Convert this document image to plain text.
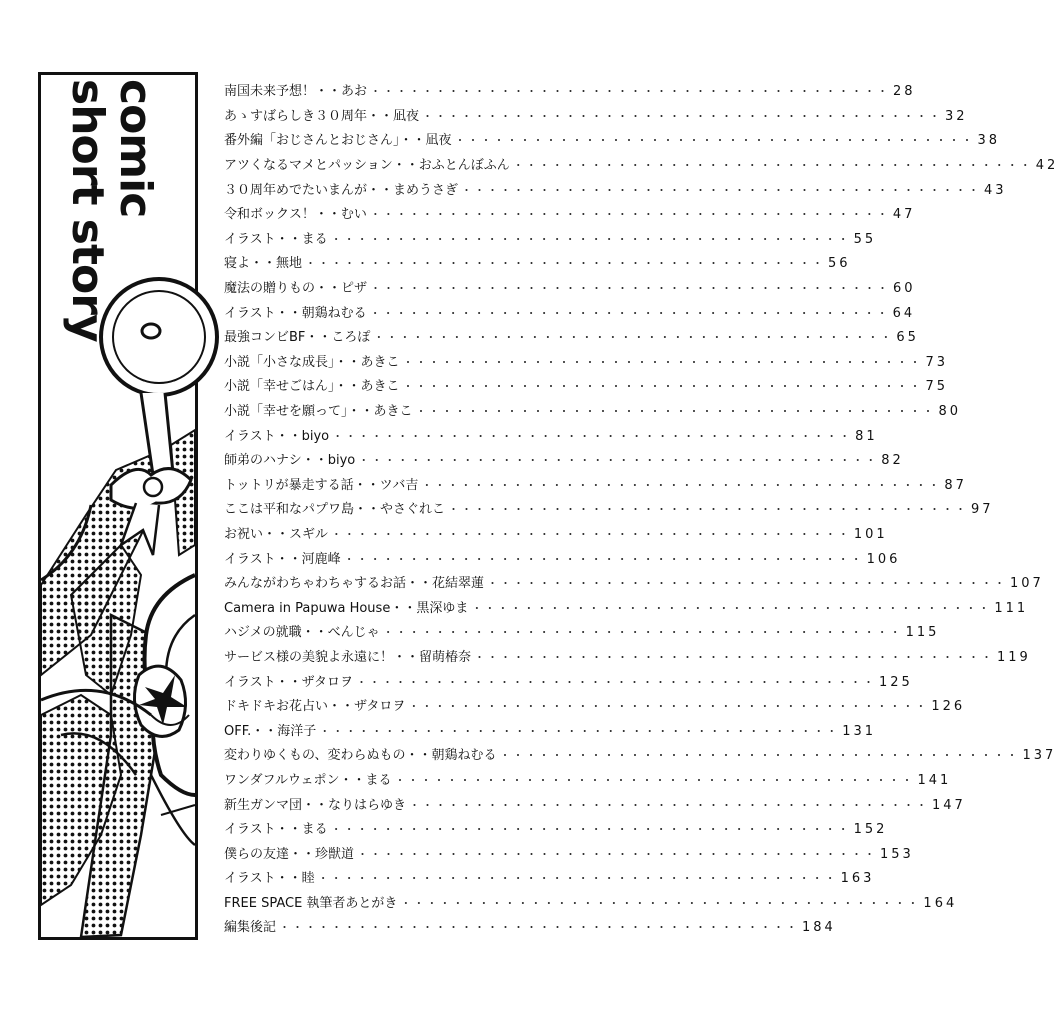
comic
short story	南国未来予想！・・あお ・・・・・・・・・・・・・・・・・・・・・・・・・・・・・・・・・・・・・・・・ 28
あゝすばらしき３０周年・・凪夜 ・・・・・・・・・・・・・・・・・・・・・・・・・・・・・・・・・・・・・・・・ 32
番外編「おじさんとおじさん」・・凪夜 ・・・・・・・・・・・・・・・・・・・・・・・・・・・・・・・・・・・・・・・・ 38
アツくなるマメとパッション・・おふとんぼふん ・・・・・・・・・・・・・・・・・・・・・・・・・・・・・・・・・・・・・・・・ 42
３０周年めでたいまんが・・まめうさぎ ・・・・・・・・・・・・・・・・・・・・・・・・・・・・・・・・・・・・・・・・ 43
令和ボックス！・・むい ・・・・・・・・・・・・・・・・・・・・・・・・・・・・・・・・・・・・・・・・ 47
イラスト・・まる ・・・・・・・・・・・・・・・・・・・・・・・・・・・・・・・・・・・・・・・・ 55
寝よ・・無地 ・・・・・・・・・・・・・・・・・・・・・・・・・・・・・・・・・・・・・・・・ 56
魔法の贈りもの・・ピザ ・・・・・・・・・・・・・・・・・・・・・・・・・・・・・・・・・・・・・・・・ 60
イラスト・・朝鶏ねむる ・・・・・・・・・・・・・・・・・・・・・・・・・・・・・・・・・・・・・・・・ 64
最強コンビBF・・ころぽ ・・・・・・・・・・・・・・・・・・・・・・・・・・・・・・・・・・・・・・・・ 65
小説「小さな成長」・・あきこ ・・・・・・・・・・・・・・・・・・・・・・・・・・・・・・・・・・・・・・・・ 73
小説「幸せごはん」・・あきこ ・・・・・・・・・・・・・・・・・・・・・・・・・・・・・・・・・・・・・・・・ 75
小説「幸せを願って」・・あきこ ・・・・・・・・・・・・・・・・・・・・・・・・・・・・・・・・・・・・・・・・ 80
イラスト・・biyo ・・・・・・・・・・・・・・・・・・・・・・・・・・・・・・・・・・・・・・・・ 81
師弟のハナシ・・biyo ・・・・・・・・・・・・・・・・・・・・・・・・・・・・・・・・・・・・・・・・ 82
トットリが暴走する話・・ツバ吉 ・・・・・・・・・・・・・・・・・・・・・・・・・・・・・・・・・・・・・・・・ 87
ここは平和なパプワ島・・やさぐれこ ・・・・・・・・・・・・・・・・・・・・・・・・・・・・・・・・・・・・・・・・ 97
お祝い・・スギル ・・・・・・・・・・・・・・・・・・・・・・・・・・・・・・・・・・・・・・・・ 101
イラスト・・河鹿峰 ・・・・・・・・・・・・・・・・・・・・・・・・・・・・・・・・・・・・・・・・ 106
みんながわちゃわちゃするお話・・花結翠蓮 ・・・・・・・・・・・・・・・・・・・・・・・・・・・・・・・・・・・・・・・・ 107
Camera in Papuwa House・・黒深ゆま ・・・・・・・・・・・・・・・・・・・・・・・・・・・・・・・・・・・・・・・・ 111
ハジメの就職・・べんじゃ ・・・・・・・・・・・・・・・・・・・・・・・・・・・・・・・・・・・・・・・・ 115
サービス様の美貌よ永遠に！・・留萌椿奈 ・・・・・・・・・・・・・・・・・・・・・・・・・・・・・・・・・・・・・・・・ 119
イラスト・・ザタロヲ ・・・・・・・・・・・・・・・・・・・・・・・・・・・・・・・・・・・・・・・・ 125
ドキドキお花占い・・ザタロヲ ・・・・・・・・・・・・・・・・・・・・・・・・・・・・・・・・・・・・・・・・ 126
OFF.・・海洋子 ・・・・・・・・・・・・・・・・・・・・・・・・・・・・・・・・・・・・・・・・ 131
変わりゆくもの、変わらぬもの・・朝鶏ねむる ・・・・・・・・・・・・・・・・・・・・・・・・・・・・・・・・・・・・・・・・ 137
ワンダフルウェポン・・まる ・・・・・・・・・・・・・・・・・・・・・・・・・・・・・・・・・・・・・・・・ 141
新生ガンマ団・・なりはらゆき ・・・・・・・・・・・・・・・・・・・・・・・・・・・・・・・・・・・・・・・・ 147
イラスト・・まる ・・・・・・・・・・・・・・・・・・・・・・・・・・・・・・・・・・・・・・・・ 152
僕らの友達・・珍獣道 ・・・・・・・・・・・・・・・・・・・・・・・・・・・・・・・・・・・・・・・・ 153
イラスト・・睦 ・・・・・・・・・・・・・・・・・・・・・・・・・・・・・・・・・・・・・・・・ 163
FREE SPACE 執筆者あとがき ・・・・・・・・・・・・・・・・・・・・・・・・・・・・・・・・・・・・・・・・ 164
編集後記 ・・・・・・・・・・・・・・・・・・・・・・・・・・・・・・・・・・・・・・・・ 184
